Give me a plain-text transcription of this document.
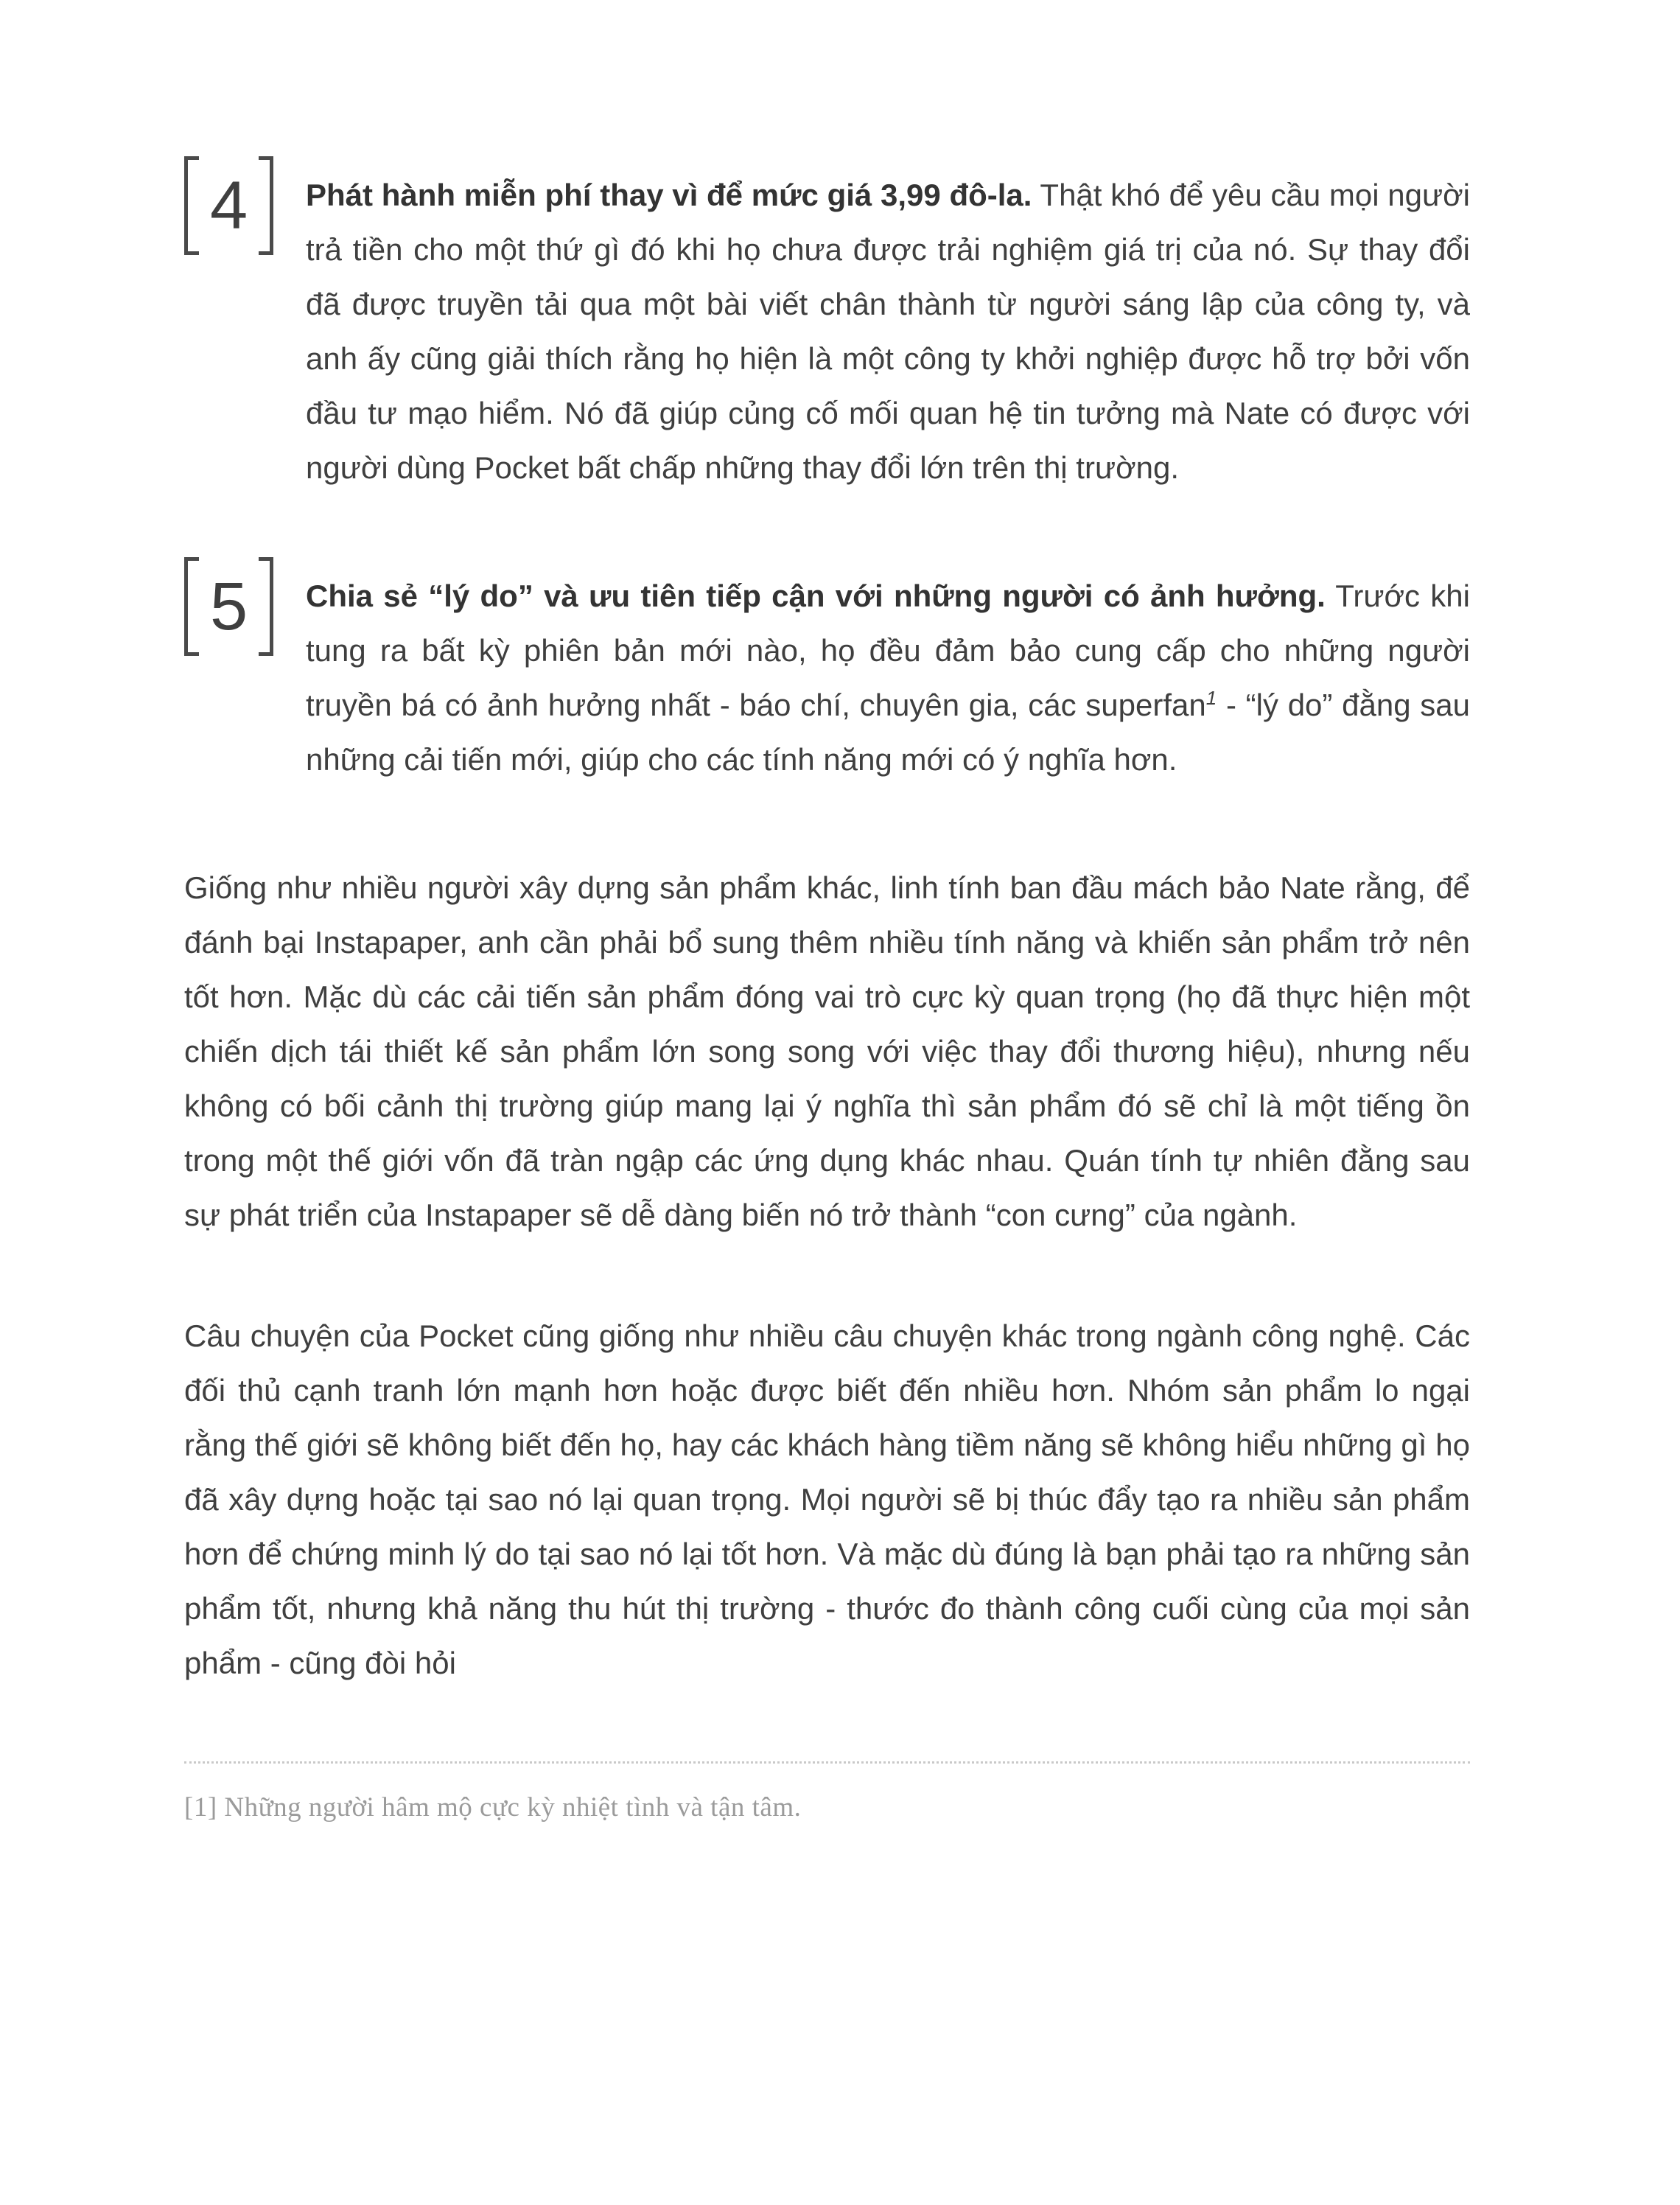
4	Phát hành miễn phí thay vì để mức giá 3,99 đô-la. Thật khó để yêu cầu mọi người trả tiền cho một thứ gì đó khi họ chưa được trải nghiệm giá trị của nó. Sự thay đổi đã được truyền tải qua một bài viết chân thành từ người sáng lập của công ty, và anh ấy cũng giải thích rằng họ hiện là một công ty khởi nghiệp được hỗ trợ bởi vốn đầu tư mạo hiểm. Nó đã giúp củng cố mối quan hệ tin tưởng mà Nate có được với người dùng Pocket bất chấp những thay đổi lớn trên thị trường.

5	Chia sẻ “lý do” và ưu tiên tiếp cận với những người có ảnh hưởng. Trước khi tung ra bất kỳ phiên bản mới nào, họ đều đảm bảo cung cấp cho những người truyền bá có ảnh hưởng nhất - báo chí, chuyên gia, các superfan$^1$ - “lý do” đằng sau những cải tiến mới, giúp cho các tính năng mới có ý nghĩa hơn.

Giống như nhiều người xây dựng sản phẩm khác, linh tính ban đầu mách bảo Nate rằng, để đánh bại Instapaper, anh cần phải bổ sung thêm nhiều tính năng và khiến sản phẩm trở nên tốt hơn. Mặc dù các cải tiến sản phẩm đóng vai trò cực kỳ quan trọng (họ đã thực hiện một chiến dịch tái thiết kế sản phẩm lớn song song với việc thay đổi thương hiệu), nhưng nếu không có bối cảnh thị trường giúp mang lại ý nghĩa thì sản phẩm đó sẽ chỉ là một tiếng ồn trong một thế giới vốn đã tràn ngập các ứng dụng khác nhau. Quán tính tự nhiên đằng sau sự phát triển của Instapaper sẽ dễ dàng biến nó trở thành “con cưng” của ngành.

Câu chuyện của Pocket cũng giống như nhiều câu chuyện khác trong ngành công nghệ. Các đối thủ cạnh tranh lớn mạnh hơn hoặc được biết đến nhiều hơn. Nhóm sản phẩm lo ngại rằng thế giới sẽ không biết đến họ, hay các khách hàng tiềm năng sẽ không hiểu những gì họ đã xây dựng hoặc tại sao nó lại quan trọng. Mọi người sẽ bị thúc đẩy tạo ra nhiều sản phẩm hơn để chứng minh lý do tại sao nó lại tốt hơn. Và mặc dù đúng là bạn phải tạo ra những sản phẩm tốt, nhưng khả năng thu hút thị trường - thước đo thành công cuối cùng của mọi sản phẩm - cũng đòi hỏi

[1] Những người hâm mộ cực kỳ nhiệt tình và tận tâm.
